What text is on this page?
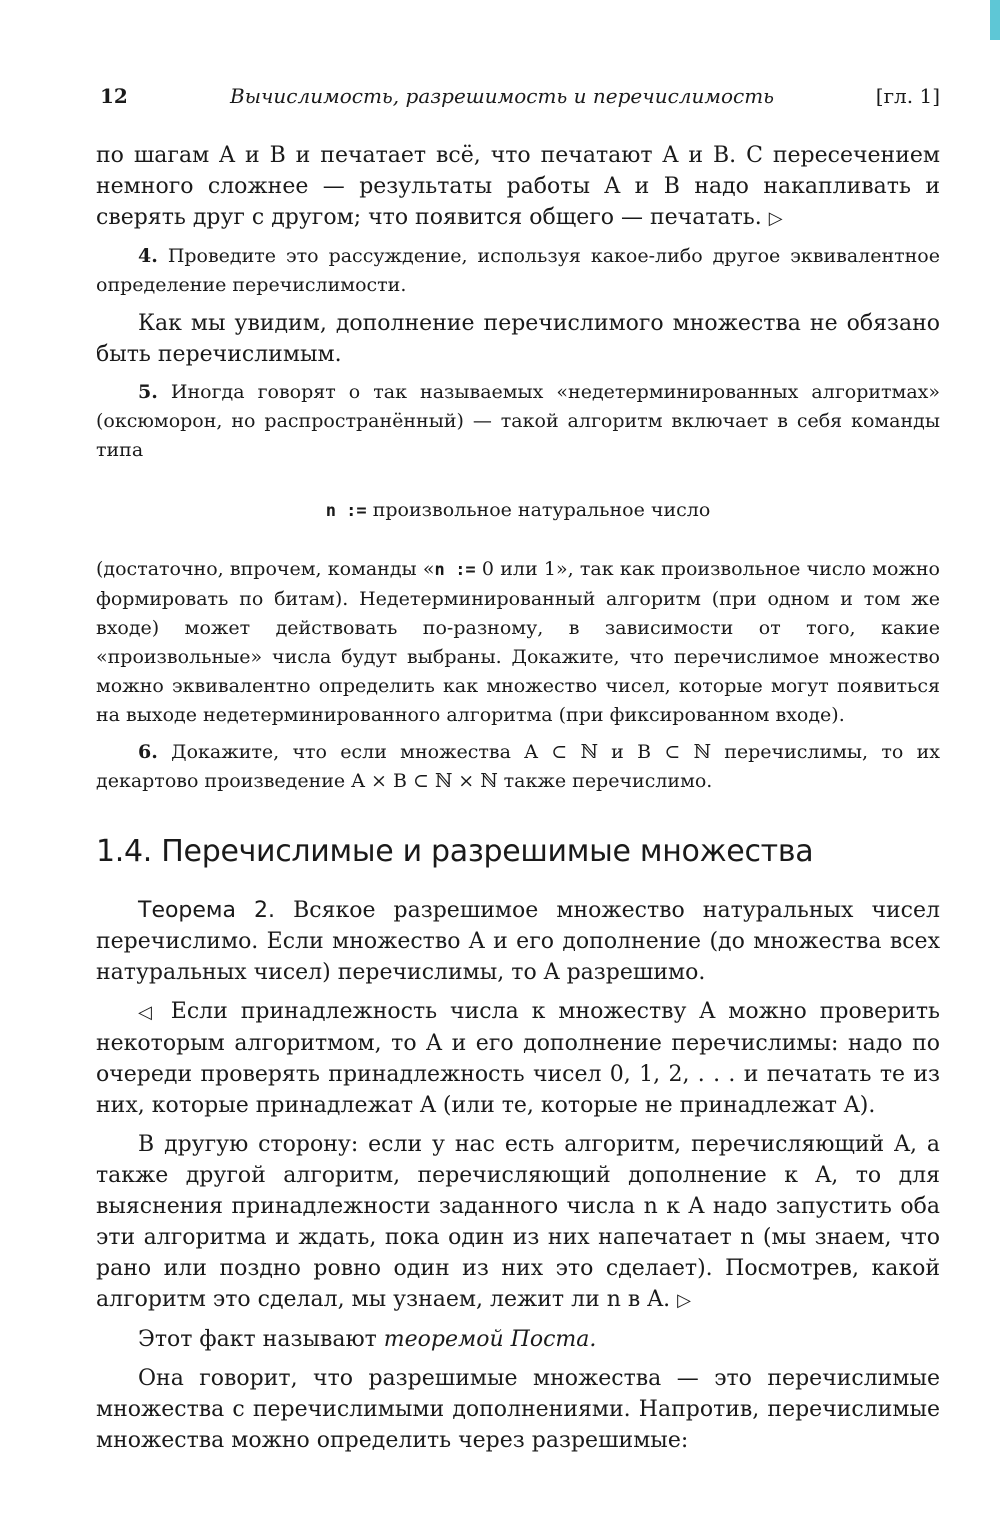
12	Вычислимость, разрешимость и перечислимость	[гл. 1]

по шагам A и B и печатает всё, что печатают A и B. С пересечением немного сложнее — результаты работы A и B надо накапливать и сверять друг с другом; что появится общего — печатать. ▷

4. Проведите это рассуждение, используя какое-либо другое эквивалентное определение перечислимости.

Как мы увидим, дополнение перечислимого множества не обязано быть перечислимым.

5. Иногда говорят о так называемых «недетерминированных алгоритмах» (оксюморон, но распространённый) — такой алгоритм включает в себя команды типа

n := произвольное натуральное число

(достаточно, впрочем, команды «n := 0 или 1», так как произвольное число можно формировать по битам). Недетерминированный алгоритм (при одном и том же входе) может действовать по-разному, в зависимости от того, какие «произвольные» числа будут выбраны. Докажите, что перечислимое множество можно эквивалентно определить как множество чисел, которые могут появиться на выходе недетерминированного алгоритма (при фиксированном входе).

6. Докажите, что если множества A ⊂ ℕ и B ⊂ ℕ перечислимы, то их декартово произведение A × B ⊂ ℕ × ℕ также перечислимо.

1.4. Перечислимые и разрешимые множества

Теорема 2. Всякое разрешимое множество натуральных чисел перечислимо. Если множество A и его дополнение (до множества всех натуральных чисел) перечислимы, то A разрешимо.

◁ Если принадлежность числа к множеству A можно проверить некоторым алгоритмом, то A и его дополнение перечислимы: надо по очереди проверять принадлежность чисел 0, 1, 2, . . . и печатать те из них, которые принадлежат A (или те, которые не принадлежат A).

В другую сторону: если у нас есть алгоритм, перечисляющий A, а также другой алгоритм, перечисляющий дополнение к A, то для выяснения принадлежности заданного числа n к A надо запустить оба эти алгоритма и ждать, пока один из них напечатает n (мы знаем, что рано или поздно ровно один из них это сделает). Посмотрев, какой алгоритм это сделал, мы узнаем, лежит ли n в A. ▷

Этот факт называют теоремой Поста.

Она говорит, что разрешимые множества — это перечислимые множества с перечислимыми дополнениями. Напротив, перечислимые множества можно определить через разрешимые:
